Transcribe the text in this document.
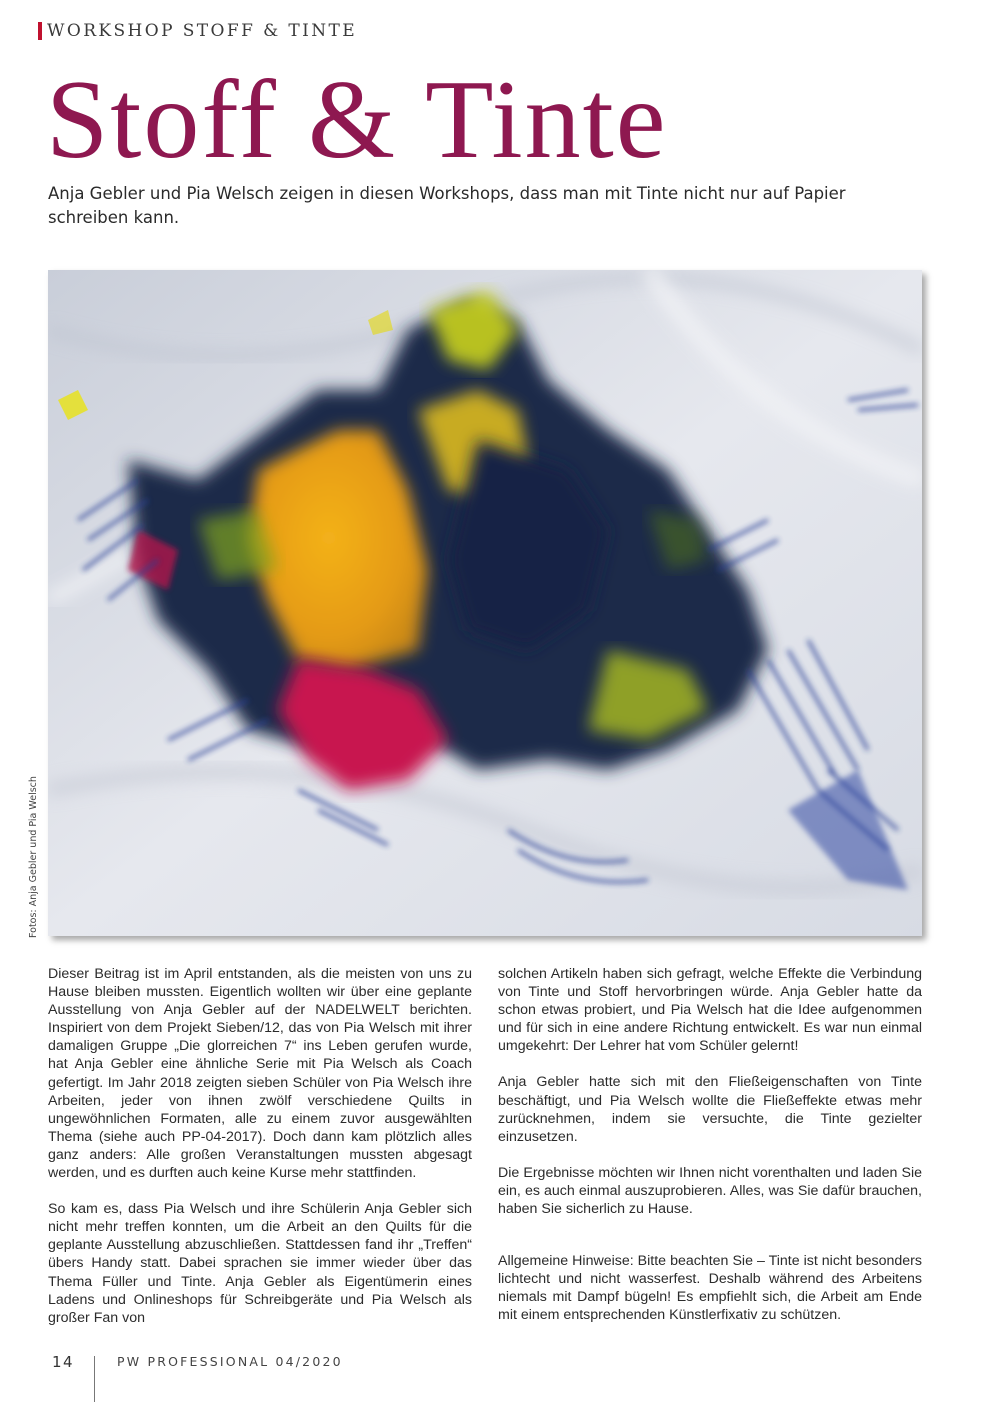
WORKSHOP STOFF & TINTE
Stoff & Tinte

Anja Gebler und Pia Welsch zeigen in diesen Workshops, dass man mit Tinte nicht nur auf Papier schreiben kann.

Fotos: Anja Gebler und Pia Welsch

Dieser Beitrag ist im April entstanden, als die meisten von uns zu Hause bleiben mussten. Eigentlich wollten wir über eine geplante Ausstellung von Anja Gebler auf der NADELWELT berichten. Inspiriert von dem Projekt Sieben/12, das von Pia Welsch mit ihrer damaligen Gruppe „Die glorreichen 7“ ins Leben gerufen wurde, hat Anja Gebler eine ähnliche Serie mit Pia Welsch als Coach gefertigt. Im Jahr 2018 zeigten sieben Schüler von Pia Welsch ihre Arbeiten, jeder von ihnen zwölf verschiedene Quilts in ungewöhnlichen Formaten, alle zu einem zuvor ausgewählten Thema (siehe auch PP-04-2017). Doch dann kam plötzlich alles ganz anders: Alle großen Veranstaltungen mussten abgesagt werden, und es durften auch keine Kurse mehr stattfinden.

So kam es, dass Pia Welsch und ihre Schülerin Anja Gebler sich nicht mehr treffen konnten, um die Arbeit an den Quilts für die geplante Ausstellung abzuschließen. Stattdessen fand ihr „Treffen“ übers Handy statt. Dabei sprachen sie immer wieder über das Thema Füller und Tinte. Anja Gebler als Eigentümerin eines Ladens und Onlineshops für Schreibgeräte und Pia Welsch als großer Fan von

solchen Artikeln haben sich gefragt, welche Effekte die Verbindung von Tinte und Stoff hervorbringen würde. Anja Gebler hatte da schon etwas probiert, und Pia Welsch hat die Idee aufgenommen und für sich in eine andere Richtung entwickelt. Es war nun einmal umgekehrt: Der Lehrer hat vom Schüler gelernt!

Anja Gebler hatte sich mit den Fließeigenschaften von Tinte beschäftigt, und Pia Welsch wollte die Fließeffekte etwas mehr zurücknehmen, indem sie versuchte, die Tinte gezielter einzusetzen.

Die Ergebnisse möchten wir Ihnen nicht vorenthalten und laden Sie ein, es auch einmal auszuprobieren. Alles, was Sie dafür brauchen, haben Sie sicherlich zu Hause.

Allgemeine Hinweise: Bitte beachten Sie – Tinte ist nicht besonders lichtecht und nicht wasserfest. Deshalb während des Arbeitens niemals mit Dampf bügeln! Es empfiehlt sich, die Arbeit am Ende mit einem entsprechenden Künstlerfixativ zu schützen.

14	PW PROFESSIONAL 04/2020
